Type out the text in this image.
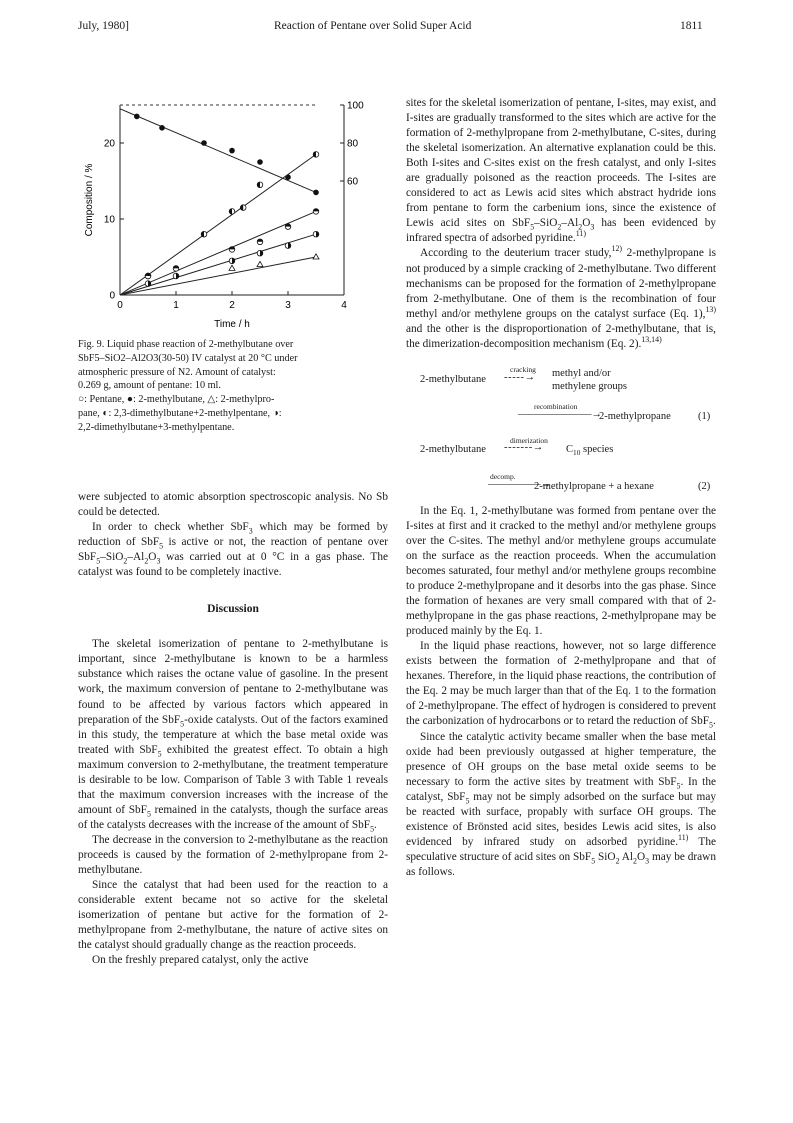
July, 1980]	Reaction of Pentane over Solid Super Acid	1811
0	1	2	3	4
0
10
20
60
80
100
Time / h
Composition / %

Fig. 9. Liquid phase reaction of 2-methylbutane over

SbF5–SiO2–Al2O3(30-50) IV catalyst at 20 °C under

atmospheric pressure of N2. Amount of catalyst:

0.269 g, amount of pentane: 10 ml.

○: Pentane, ●: 2-methylbutane, △: 2-methylpro-

pane, ◐: 2,3-dimethylbutane+2-methylpentane, ◑:

2,2-dimethylbutane+3-methylpentane.

were subjected to atomic absorption spectroscopic analysis. No Sb could be detected.

In order to check whether SbF$_3$ which may be formed by reduction of SbF$_5$ is active or not, the reaction of pentane over $SbF_5-SiO_2-Al_2O_3$ was carried out at 0 °C in a gas phase. The catalyst was found to be completely inactive.

Discussion

The skeletal isomerization of pentane to 2-methylbutane is important, since 2-methylbutane is known to be a harmless substance which raises the octane value of gasoline. In the present work, the maximum conversion of pentane to 2-methylbutane was found to be affected by various factors which appeared in preparation of the SbF$_5$-oxide catalysts. Out of the factors examined in this study, the temperature at which the base metal oxide was treated with SbF$_5$ exhibited the greatest effect. To obtain a high maximum conversion to 2-methylbutane, the treatment temperature is desirable to be low. Comparison of Table 3 with Table 1 reveals that the maximum conversion increases with the increase of the amount of SbF$_5$ remained in the catalysts, though the surface areas of the catalysts decreases with the increase of the amount of SbF$_5$.

The decrease in the conversion to 2-methylbutane as the reaction proceeds is caused by the formation of 2-methylpropane from 2-methylbutane.

Since the catalyst that had been used for the reaction to a considerable extent became not so active for the skeletal isomerization of pentane but active for the formation of 2-methylpropane from 2-methylbutane, the nature of active sites on the catalyst should gradually change as the reaction proceeds.

On the freshly prepared catalyst, only the active

sites for the skeletal isomerization of pentane, I-sites, may exist, and I-sites are gradually transformed to the sites which are active for the formation of 2-methylpropane from 2-methylbutane, C-sites, during the skeletal isomerization. An alternative explanation could be this. Both I-sites and C-sites exist on the fresh catalyst, and only I-sites are gradually poisoned as the reaction proceeds. The I-sites are considered to act as Lewis acid sites which abstract hydride ions from pentane to form the carbenium ions, since the existence of Lewis acid sites on $SbF_5-SiO_2-Al_2O_3$ has been evidenced by infrared spectra of adsorbed pyridine.$^{11)}$

According to the deuterium tracer study,$^{12)}$ 2-methylpropane is not produced by a simple cracking of 2-methylbutane. Two different mechanisms can be proposed for the formation of 2-methylpropane from 2-methylbutane. One of them is the recombination of four methyl and/or methylene groups on the catalyst surface (Eq. 1),$^{13)}$ and the other is the disproportionation of 2-methylbutane, that is, the dimerization-decomposition mechanism (Eq. 2).$^{13,14)}$

2-methylbutane
cracking
- - - - - → methyl and/or
methylene groups
recombination
———————→
2-methylpropane	(1)
2-methylbutane
dimerization
- - - - - - - → $C_{10}$ species
decomp.
—————→
2-methylpropane + a hexane	(2)

In the Eq. 1, 2-methylbutane was formed from pentane over the I-sites at first and it cracked to the methyl and/or methylene groups over the C-sites. The methyl and/or methylene groups accumulate on the surface as the reaction proceeds. When the accumulation becomes saturated, four methyl and/or methylene groups recombine to produce 2-methylpropane and it desorbs into the gas phase. Since the formation of hexanes are very small compared with that of 2-methylpropane in the gas phase reactions, 2-methylpropane may be produced mainly by the Eq. 1.

In the liquid phase reactions, however, not so large difference exists between the formation of 2-methylpropane and that of hexanes. Therefore, in the liquid phase reactions, the contribution of the Eq. 2 may be much larger than that of the Eq. 1 to the formation of 2-methylpropane. The effect of hydrogen is considered to prevent the carbonization of hydrocarbons or to retard the reduction of SbF$_5$.

Since the catalytic activity became smaller when the base metal oxide had been previously outgassed at higher temperature, the presence of OH groups on the base metal oxide seems to be necessary to form the active sites by treatment with SbF$_5$. In the catalyst, SbF$_5$ may not be simply adsorbed on the surface but may be reacted with surface, propably with surface OH groups. The existence of Brönsted acid sites, besides Lewis acid sites, is also evidenced by infrared study on adsorbed pyridine.$^{11)}$ The speculative structure of acid sites on SbF$_5$ SiO$_2$ $Al_2O_3$ may be drawn as follows.
